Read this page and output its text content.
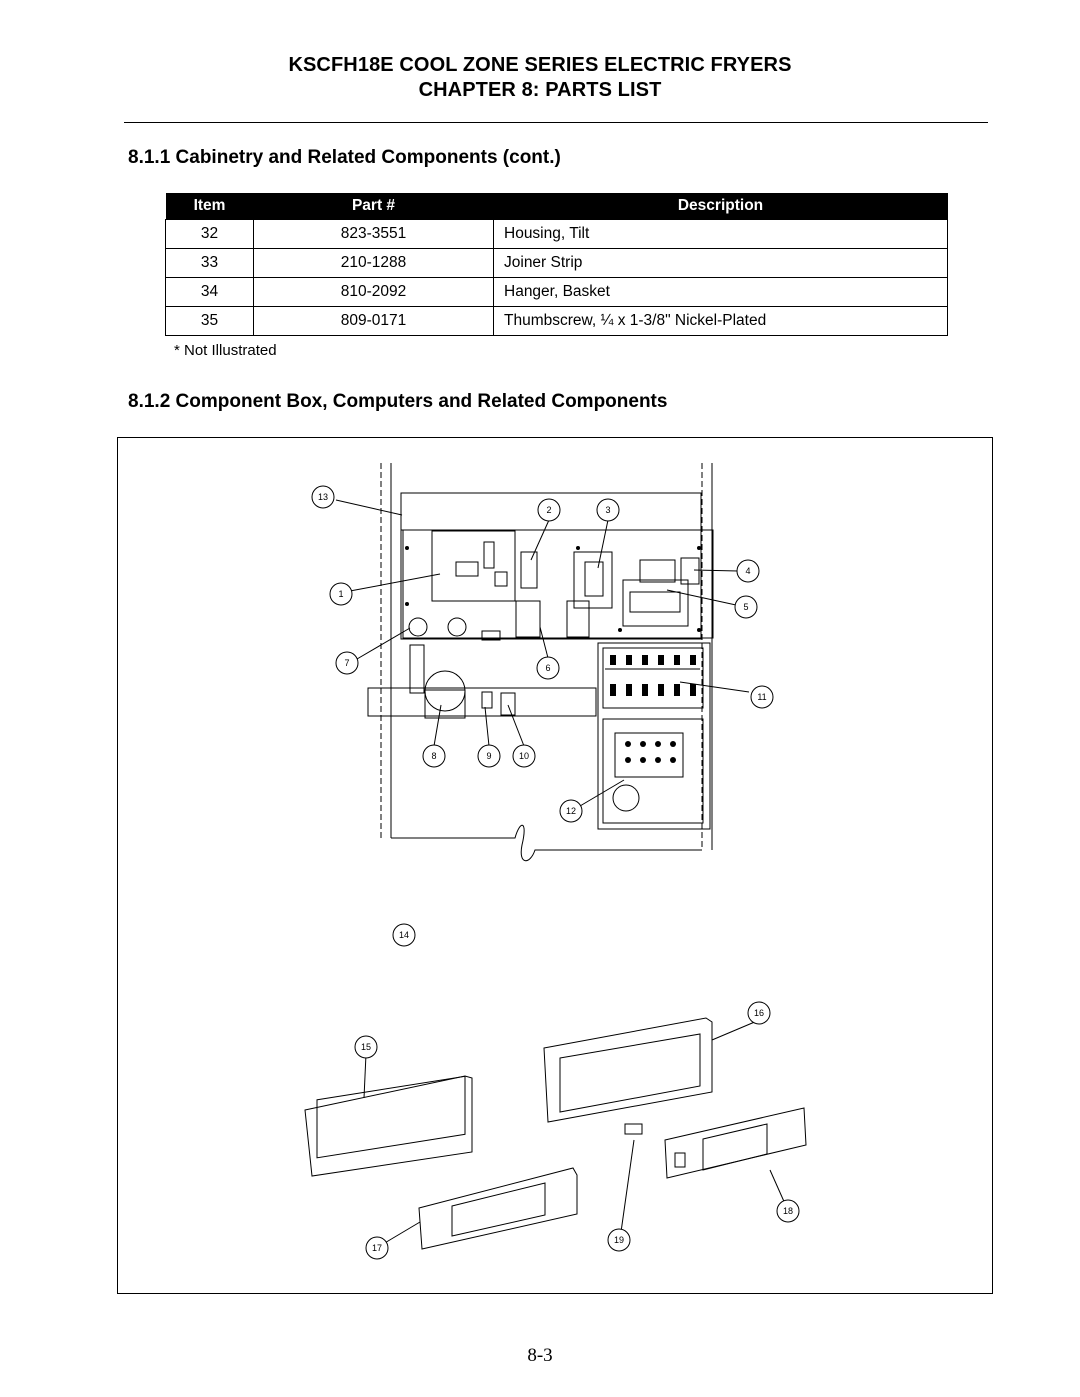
KSCFH18E COOL ZONE SERIES ELECTRIC FRYERS
CHAPTER 8: PARTS LIST
8.1.1 Cabinetry and Related Components (cont.)
Item	Part #	Description
32	823-3551	Housing, Tilt
33	210-1288	Joiner Strip
34	810-2092	Hanger, Basket
35	809-0171	Thumbscrew, ¼ x 1-3/8" Nickel-Plated
* Not Illustrated
8.1.2 Component Box, Computers and Related Components
13
2	3
4
1
5
7	6
11
8	9	10
12
14
16
15
18
19
17
8-3
